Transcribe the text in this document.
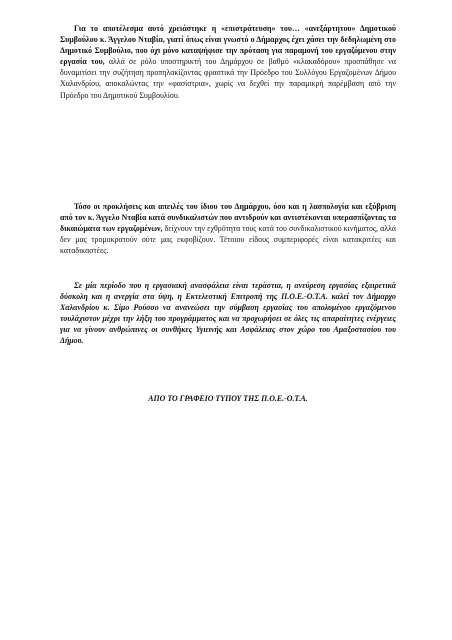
Για το αποτέλεσμα αυτό χρειάστηκε η «επιστράτευση» του… «ανεξάρτητου» Δημοτικού Συμβούλου κ. Άγγελου Νταβία, γιατί όπως είναι γνωστό ο Δήμαρχος έχει χάσει την δεδηλωμένη στο Δημοτικό Συμβούλιο, που όχι μόνο καταψήφισε την πρόταση για παραμονή του εργαζόμενου στην εργασία του, αλλά σε ρόλο υποστηρικτή του Δημάρχου σε βαθμό «κλακαδόρου» προσπάθησε να δυναμιτίσει την συζήτηση προπηλακίζοντας φραστικά την Πρόεδρο του Συλλόγου Εργαζομένων Δήμου Χαλανδρίου, αποκαλώντας την «φασίστρια», χωρίς να δεχθεί την παραμικρή παρέμβαση από την Πρόεδρο του Δημοτικού Συμβουλίου.

Τόσο οι προκλήσεις και απειλές του ίδιου του Δημάρχου, όσο και η λασπολογία και εξύβριση από τον κ. Άγγελο Νταβία κατά συνδικαλιστών που αντιδρούν και αντιστέκονται υπερασπίζοντας τα δικαιώματα των εργαζομένων, δείχνουν την εχθρότητα τους κατά του συνδικαλιστικού κινήματος, αλλά δεν μας τρομοκρατούν ούτε μας εκφοβίζουν. Τέτοιου είδους συμπεριφορές είναι κατακριτέες και καταδικαστέες.

Σε μία περίοδο που η εργασιακή ανασφάλεια είναι τεράστια, η ανεύρεση εργασίας εξαιρετικά δύσκολη και η ανεργία στα ύψη, η Εκτελεστική Επιτροπή της Π.Ο.Ε.-Ο.Τ.Α. καλεί τον Δήμαρχο Χαλανδρίου κ. Σίμο Ρούσσο να ανανεώσει την σύμβαση εργασίας του απολυμένου εργαζόμενου τουλάχιστον μέχρι την λήξη του προγράμματος και να προχωρήσει σε όλες τις απαραίτητες ενέργειες για να γίνουν ανθρώπινες οι συνθήκες Υγιεινής και Ασφάλειας στον χώρο του Αμαξοστασίου του Δήμου.

ΑΠΟ ΤΟ ΓΡΑΦΕΙΟ ΤΥΠΟΥ ΤΗΣ Π.Ο.Ε.-Ο.Τ.Α.
